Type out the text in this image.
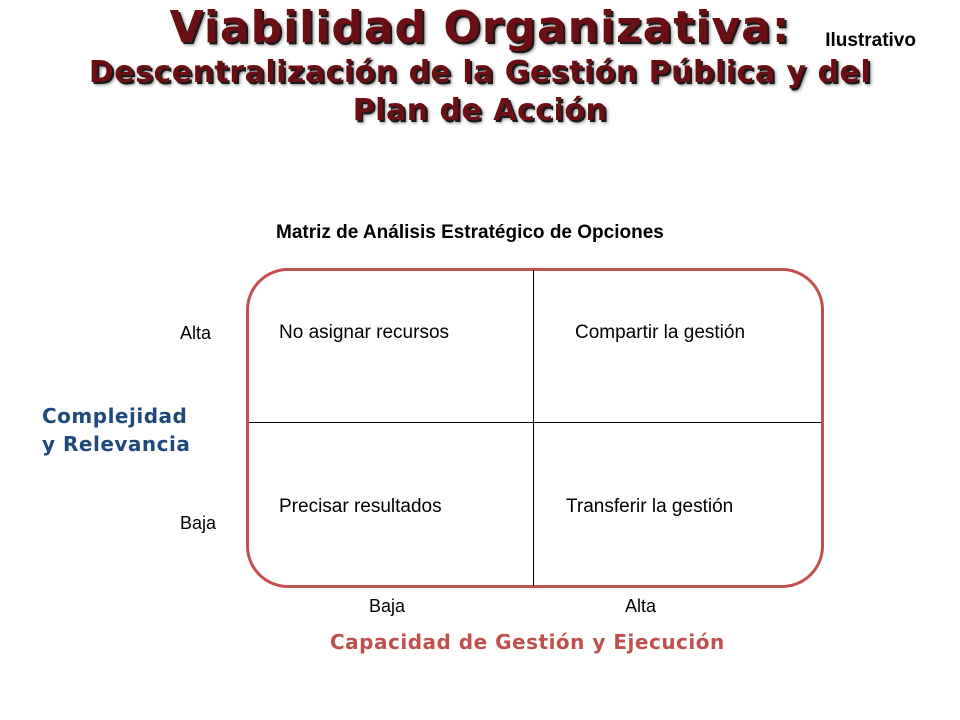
Viabilidad Organizativa:
Descentralización de la Gestión Pública y del
Plan de Acción
Ilustrativo
Matriz de Análisis Estratégico de Opciones
No asignar recursos	Compartir la gestión
Precisar resultados	Transferir la gestión
Alta
Baja
Complejidad
y Relevancia
Baja	Alta
Capacidad de Gestión y Ejecución
